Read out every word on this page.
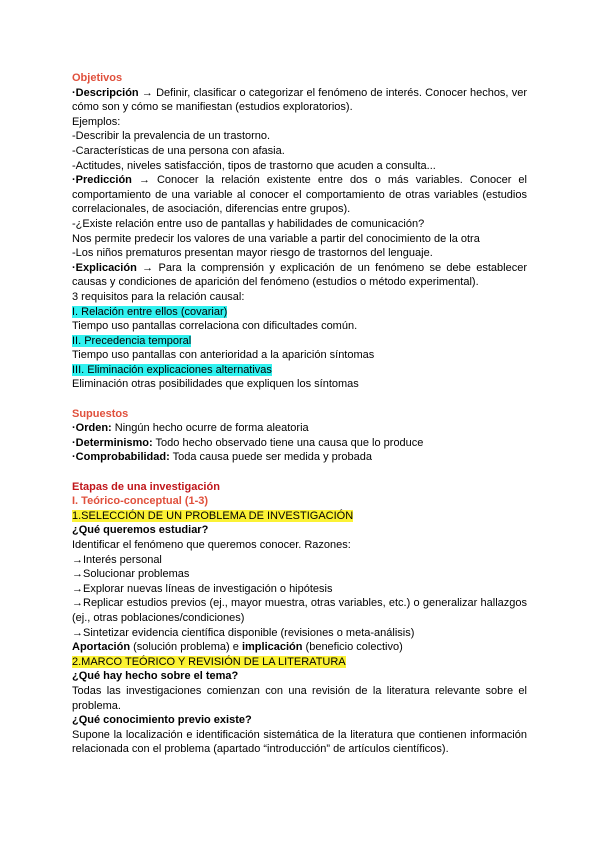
Objetivos
·Descripción → Definir, clasificar o categorizar el fenómeno de interés. Conocer hechos, ver cómo son y cómo se manifiestan (estudios exploratorios).
Ejemplos:
-Describir la prevalencia de un trastorno.
-Características de una persona con afasia.
-Actitudes, niveles satisfacción, tipos de trastorno que acuden a consulta...
·Predicción → Conocer la relación existente entre dos o más variables. Conocer el comportamiento de una variable al conocer el comportamiento de otras variables (estudios correlacionales, de asociación, diferencias entre grupos).
-¿Existe relación entre uso de pantallas y habilidades de comunicación?
Nos permite predecir los valores de una variable a partir del conocimiento de la otra
-Los niños prematuros presentan mayor riesgo de trastornos del lenguaje.
·Explicación → Para la comprensión y explicación de un fenómeno se debe establecer causas y condiciones de aparición del fenómeno (estudios o método experimental).
3 requisitos para la relación causal:
I. Relación entre ellos (covariar)
Tiempo uso pantallas correlaciona con dificultades común.
II. Precedencia temporal
Tiempo uso pantallas con anterioridad a la aparición síntomas
III. Eliminación explicaciones alternativas
Eliminación otras posibilidades que expliquen los síntomas
Supuestos
·Orden: Ningún hecho ocurre de forma aleatoria
·Determinismo: Todo hecho observado tiene una causa que lo produce
·Comprobabilidad: Toda causa puede ser medida y probada
Etapas de una investigación
I. Teórico-conceptual (1-3)
1.SELECCIÓN DE UN PROBLEMA DE INVESTIGACIÓN
¿Qué queremos estudiar?
Identificar el fenómeno que queremos conocer. Razones:
→Interés personal
→Solucionar problemas
→Explorar nuevas líneas de investigación o hipótesis
→Replicar estudios previos (ej., mayor muestra, otras variables, etc.) o generalizar hallazgos (ej., otras poblaciones/condiciones)
→Sintetizar evidencia científica disponible (revisiones o meta-análisis)
Aportación (solución problema) e implicación (beneficio colectivo)
2.MARCO TEÓRICO Y REVISIÓN DE LA LITERATURA
¿Qué hay hecho sobre el tema?
Todas las investigaciones comienzan con una revisión de la literatura relevante sobre el problema.
¿Qué conocimiento previo existe?
Supone la localización e identificación sistemática de la literatura que contienen información relacionada con el problema (apartado “introducción” de artículos científicos).
